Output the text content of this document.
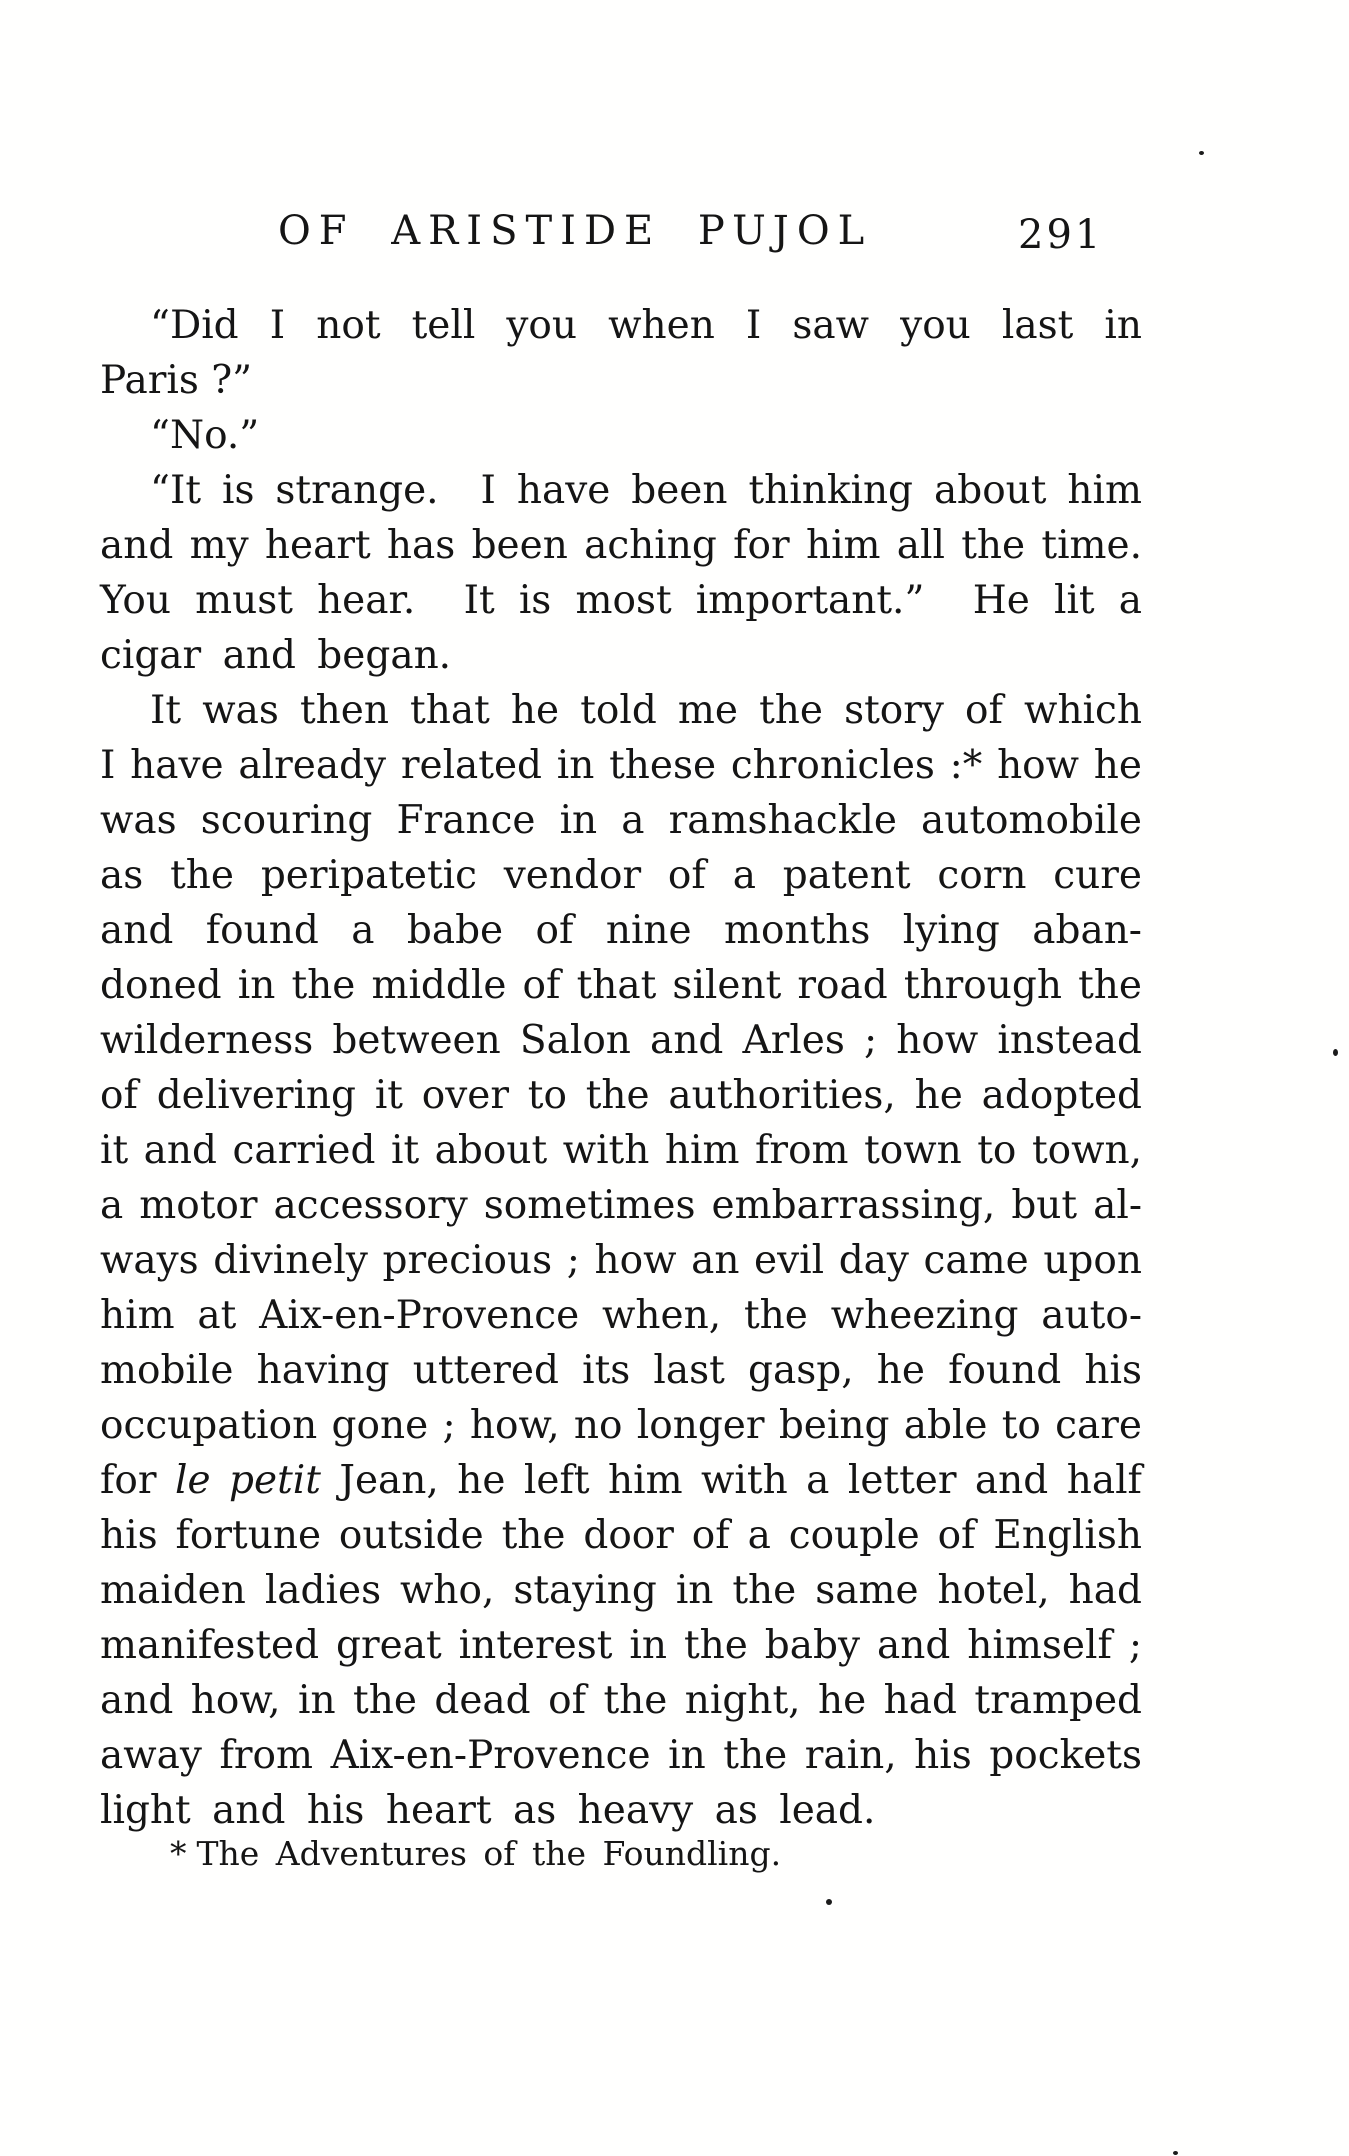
OF ARISTIDE PUJOL	291
“Did I not tell you when I saw you last in
Paris ?”
“No.”
“It is strange.  I have been thinking about him
and my heart has been aching for him all the time.
You must hear.  It is most important.”  He lit a
cigar and began.
It was then that he told me the story of which
I have already related in these chronicles :* how he
was scouring France in a ramshackle automobile
as the peripatetic vendor of a patent corn cure
and found a babe of nine months lying aban-
doned in the middle of that silent road through the
wilderness between Salon and Arles ; how instead
of delivering it over to the authorities, he adopted
it and carried it about with him from town to town,
a motor accessory sometimes embarrassing, but al-
ways divinely precious ; how an evil day came upon
him at Aix-en-Provence when, the wheezing auto-
mobile having uttered its last gasp, he found his
occupation gone ; how, no longer being able to care
for le petit Jean, he left him with a letter and half
his fortune outside the door of a couple of English
maiden ladies who, staying in the same hotel, had
manifested great interest in the baby and himself ;
and how, in the dead of the night, he had tramped
away from Aix-en-Provence in the rain, his pockets
light and his heart as heavy as lead.
* The Adventures of the Foundling.
